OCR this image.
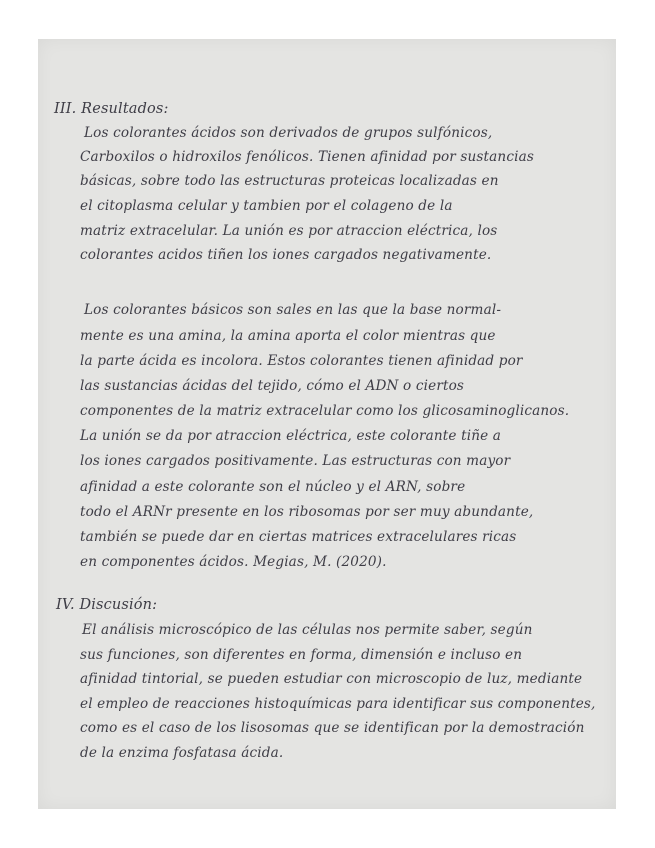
III. Resultados:
Los colorantes ácidos son derivados de grupos sulfónicos,
Carboxilos o hidroxilos fenólicos. Tienen afinidad por sustancias
básicas, sobre todo las estructuras proteicas localizadas en
el citoplasma celular y tambien por el colageno de la
matriz extracelular. La unión es por atraccion eléctrica, los
colorantes acidos tiñen los iones cargados negativamente.
Los colorantes básicos son sales en las que la base normal-
mente es una amina, la amina aporta el color mientras que
la parte ácida es incolora. Estos colorantes tienen afinidad por
las sustancias ácidas del tejido, cómo el ADN o ciertos
componentes de la matriz extracelular como los glicosaminoglicanos.
La unión se da por atraccion eléctrica, este colorante tiñe a
los iones cargados positivamente. Las estructuras con mayor
afinidad a este colorante son el núcleo y el ARN, sobre
todo el ARNr presente en los ribosomas por ser muy abundante,
también se puede dar en ciertas matrices extracelulares ricas
en componentes ácidos. Megias, M. (2020).
IV. Discusión:
El análisis microscópico de las células nos permite saber, según
sus funciones, son diferentes en forma, dimensión e incluso en
afinidad tintorial, se pueden estudiar con microscopio de luz, mediante
el empleo de reacciones histoquímicas para identificar sus componentes,
como es el caso de los lisosomas que se identifican por la demostración
de la enzima fosfatasa ácida.
